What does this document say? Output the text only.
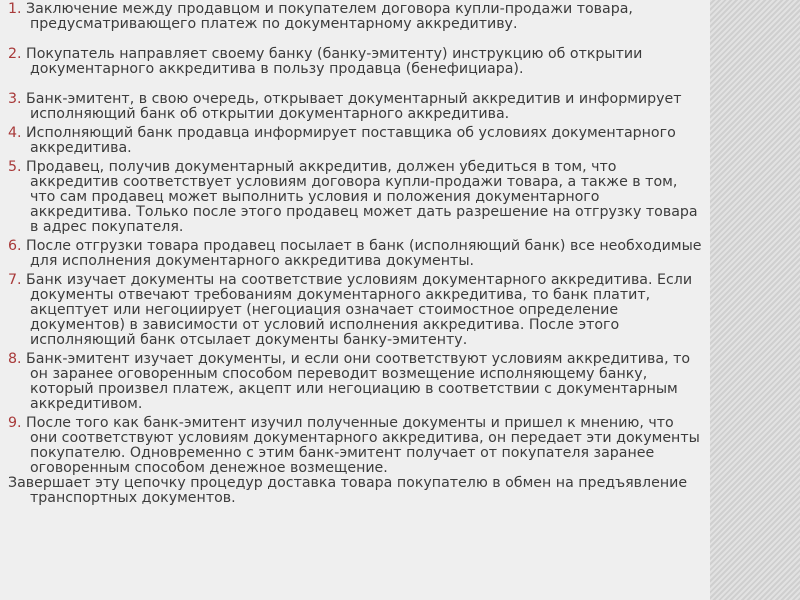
1. Заключение между продавцом и покупателем договора купли-продажи товара, предусматривающего платеж по документарному аккредитиву.

2. Покупатель направляет своему банку (банку-эмитенту) инструкцию об открытии документарного аккредитива в пользу продавца (бенефициара).

3. Банк-эмитент, в свою очередь, открывает документарный аккредитив и информирует исполняющий банк об открытии документарного аккредитива.

4. Исполняющий банк продавца информирует поставщика об условиях документарного аккредитива.

5. Продавец, получив документарный аккредитив, должен убедиться в том, что аккредитив соответствует условиям договора купли-продажи товара, а также в том, что сам продавец может выполнить условия и положения документарного аккредитива. Только после этого продавец может дать разрешение на отгрузку товара в адрес покупателя.

6. После отгрузки товара продавец посылает в банк (исполняющий банк) все необходимые для исполнения документарного аккредитива документы.

7. Банк изучает документы на соответствие условиям документарного аккредитива. Если документы отвечают требованиям документарного аккредитива, то банк платит, акцептует или негоциирует (негоциация означает стоимостное определение документов) в зависимости от условий исполнения аккредитива. После этого исполняющий банк отсылает документы банку-эмитенту.

8. Банк-эмитент изучает документы, и если они соответствуют условиям аккредитива, то он заранее оговоренным способом переводит возмещение исполняющему банку, который произвел платеж, акцепт или негоциацию в соответствии с документарным аккредитивом.

9. После того как банк-эмитент изучил полученные документы и пришел к мнению, что они соответствуют условиям документарного аккредитива, он передает эти документы покупателю. Одновременно с этим банк-эмитент получает от покупателя заранее оговоренным способом денежное возмещение.

Завершает эту цепочку процедур доставка товара покупателю в обмен на предъявление транспортных документов.
